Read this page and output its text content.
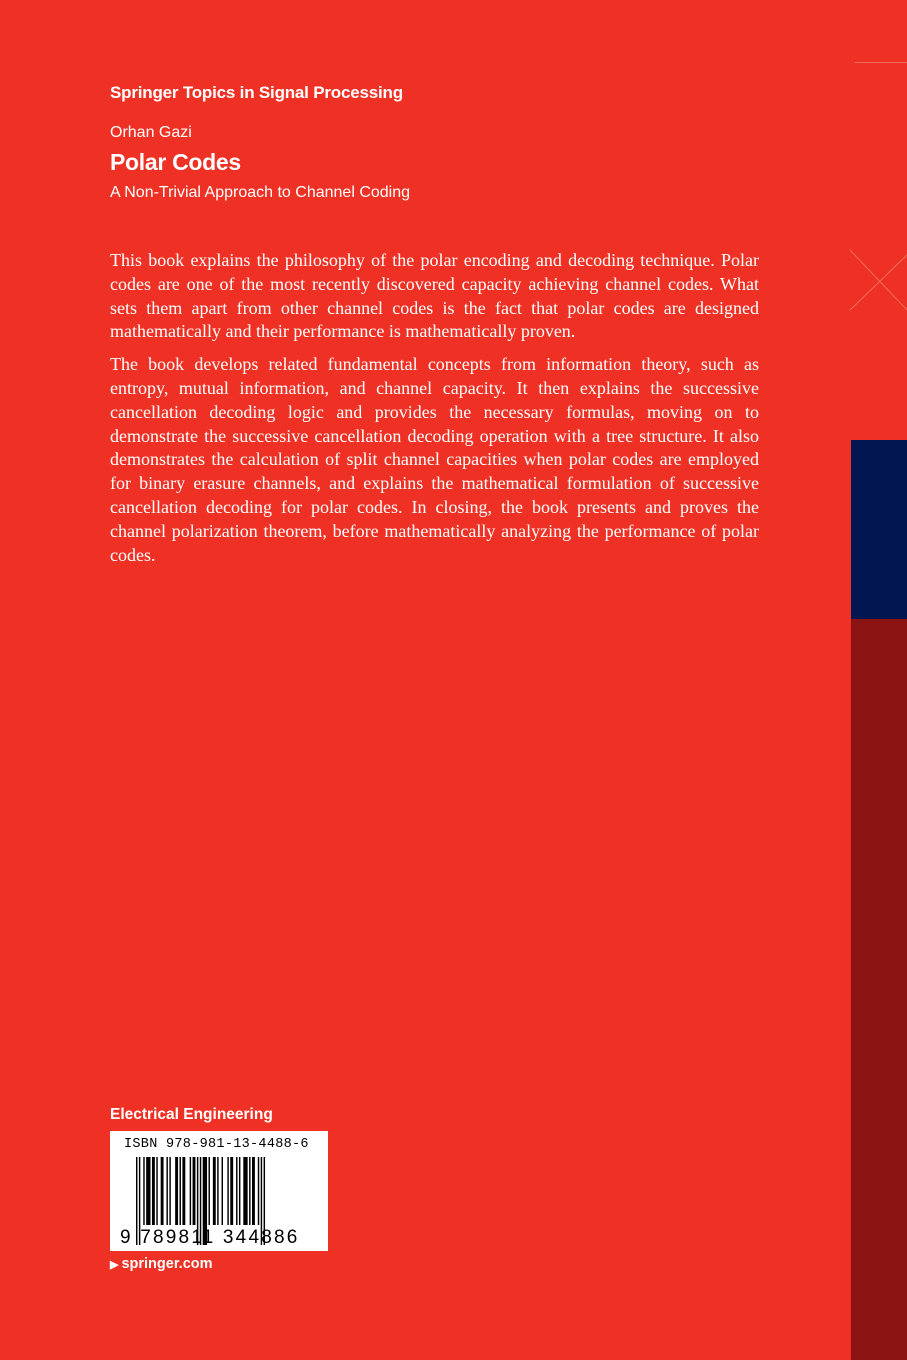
Springer Topics in Signal Processing
Orhan Gazi
Polar Codes
A Non-Trivial Approach to Channel Coding

This book explains the philosophy of the polar encoding and decoding technique. Polar codes are one of the most recently discovered capacity achieving channel codes. What sets them apart from other channel codes is the fact that polar codes are designed mathematically and their performance is mathematically proven.

The book develops related fundamental concepts from information theory, such as entropy, mutual information, and channel capacity. It then explains the successive cancellation decoding logic and provides the necessary formulas, moving on to demonstrate the successive cancellation decoding operation with a tree structure. It also demonstrates the calculation of split channel capacities when polar codes are employed for binary erasure channels, and explains the mathematical formulation of successive cancellation decoding for polar codes. In closing, the book presents and proves the channel polarization theorem, before mathematically analyzing the performance of polar codes.

Electrical Engineering
ISBN 978-981-13-4488-6
9 789811 344886
▶ springer.com
